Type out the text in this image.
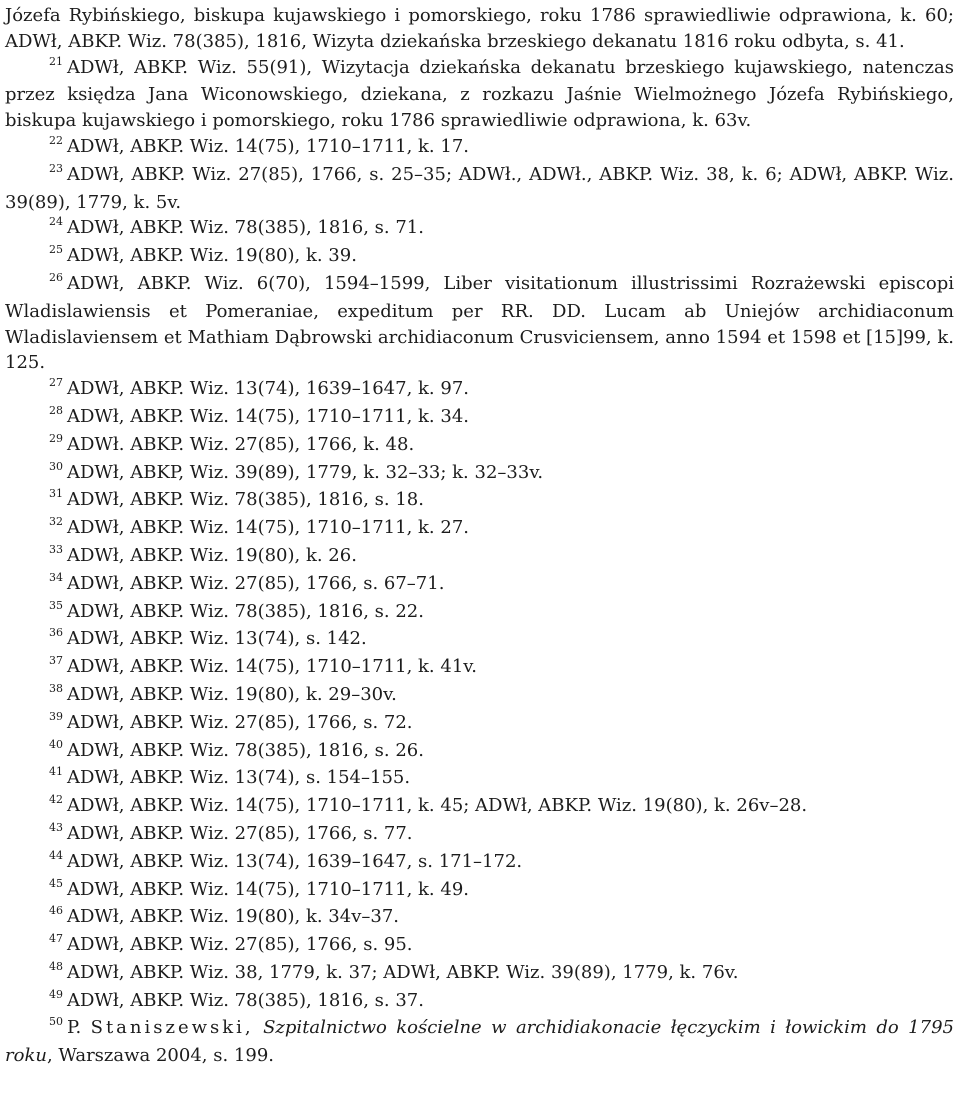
Józefa Rybińskiego, biskupa kujawskiego i pomorskiego, roku 1786 sprawiedliwie odprawiona, k. 60; ADWł, ABKP. Wiz. 78(385), 1816, Wizyta dziekańska brzeskiego dekanatu 1816 roku odbyta, s. 41.

$^{21}$ ADWł, ABKP. Wiz. 55(91), Wizytacja dziekańska dekanatu brzeskiego kujawskiego, natenczas przez księdza Jana Wiconowskiego, dziekana, z rozkazu Jaśnie Wielmożnego Józefa Rybińskiego, biskupa kujawskiego i pomorskiego, roku 1786 sprawiedliwie odprawiona, k. 63v.

$^{22}$ ADWł, ABKP. Wiz. 14(75), 1710–1711, k. 17.

$^{23}$ ADWł, ABKP. Wiz. 27(85), 1766, s. 25–35; ADWł., ADWł., ABKP. Wiz. 38, k. 6; ADWł, ABKP. Wiz. 39(89), 1779, k. 5v.

$^{24}$ ADWł, ABKP. Wiz. 78(385), 1816, s. 71.

$^{25}$ ADWł, ABKP. Wiz. 19(80), k. 39.

$^{26}$ ADWł, ABKP. Wiz. 6(70), 1594–1599, Liber visitationum illustrissimi Rozrażewski episcopi Wladislawiensis et Pomeraniae, expeditum per RR. DD. Lucam ab Uniejów archidiaconum Wladislaviensem et Mathiam Dąbrowski archidiaconum Crusviciensem, anno 1594 et 1598 et [15]99, k. 125.

$^{27}$ ADWł, ABKP. Wiz. 13(74), 1639–1647, k. 97.

$^{28}$ ADWł, ABKP. Wiz. 14(75), 1710–1711, k. 34.

$^{29}$ ADWł. ABKP. Wiz. 27(85), 1766, k. 48.

$^{30}$ ADWł, ABKP, Wiz. 39(89), 1779, k. 32–33; k. 32–33v.

$^{31}$ ADWł, ABKP. Wiz. 78(385), 1816, s. 18.

$^{32}$ ADWł, ABKP. Wiz. 14(75), 1710–1711, k. 27.

$^{33}$ ADWł, ABKP. Wiz. 19(80), k. 26.

$^{34}$ ADWł, ABKP. Wiz. 27(85), 1766, s. 67–71.

$^{35}$ ADWł, ABKP. Wiz. 78(385), 1816, s. 22.

$^{36}$ ADWł, ABKP. Wiz. 13(74), s. 142.

$^{37}$ ADWł, ABKP. Wiz. 14(75), 1710–1711, k. 41v.

$^{38}$ ADWł, ABKP. Wiz. 19(80), k. 29–30v.

$^{39}$ ADWł, ABKP. Wiz. 27(85), 1766, s. 72.

$^{40}$ ADWł, ABKP. Wiz. 78(385), 1816, s. 26.

$^{41}$ ADWł, ABKP. Wiz. 13(74), s. 154–155.

$^{42}$ ADWł, ABKP. Wiz. 14(75), 1710–1711, k. 45; ADWł, ABKP. Wiz. 19(80), k. 26v–28.

$^{43}$ ADWł, ABKP. Wiz. 27(85), 1766, s. 77.

$^{44}$ ADWł, ABKP. Wiz. 13(74), 1639–1647, s. 171–172.

$^{45}$ ADWł, ABKP. Wiz. 14(75), 1710–1711, k. 49.

$^{46}$ ADWł, ABKP. Wiz. 19(80), k. 34v–37.

$^{47}$ ADWł, ABKP. Wiz. 27(85), 1766, s. 95.

$^{48}$ ADWł, ABKP. Wiz. 38, 1779, k. 37; ADWł, ABKP. Wiz. 39(89), 1779, k. 76v.

$^{49}$ ADWł, ABKP. Wiz. 78(385), 1816, s. 37.

$^{50}$ P. Staniszewski, Szpitalnictwo kościelne w archidiakonacie łęczyckim i łowickim do 1795 roku, Warszawa 2004, s. 199.
